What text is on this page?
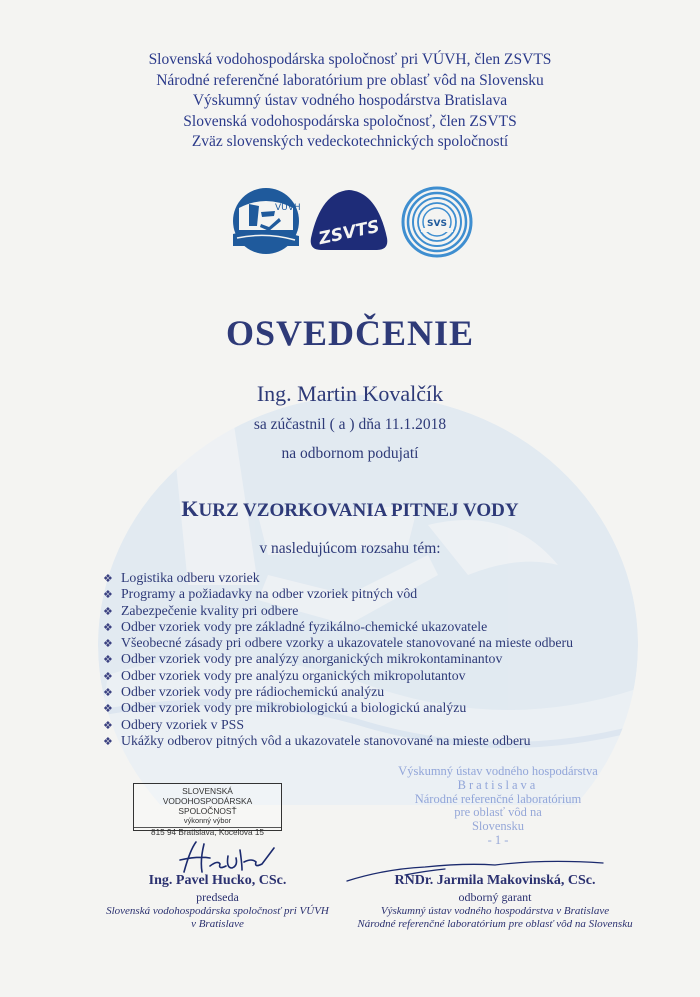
Slovenská vodohospodárska spoločnosť pri VÚVH, člen ZSVTS
Národné referenčné laboratórium pre oblasť vôd na Slovensku
Výskumný ústav vodného hospodárstva Bratislava
Slovenská vodohospodárska spoločnosť, člen ZSVTS
Zväz slovenských vedeckotechnických spoločností
VÚVH
ZSVTS	SVS
OSVEDČENIE
Ing. Martin Kovalčík
sa zúčastnil ( a ) dňa 11.1.2018
na odbornom podujatí
KURZ VZORKOVANIA PITNEJ VODY
v nasledujúcom rozsahu tém:
❖ Logistika odberu vzoriek
❖ Programy a požiadavky na odber vzoriek pitných vôd
❖ Zabezpečenie kvality pri odbere
❖ Odber vzoriek vody pre základné fyzikálno-chemické ukazovatele
❖ Všeobecné zásady pri odbere vzorky a ukazovatele stanovované na mieste odberu
❖ Odber vzoriek vody pre analýzy anorganických mikrokontaminantov
❖ Odber vzoriek vody pre analýzu organických mikropolutantov
❖ Odber vzoriek vody pre rádiochemickú analýzu
❖ Odber vzoriek vody pre mikrobiologickú a biologickú analýzu
❖ Odbery vzoriek v PSS
❖ Ukážky odberov pitných vôd a ukazovatele stanovované na mieste odberu
SLOVENSKÁ
VODOHOSPODÁRSKA SPOLOČNOSŤ
výkonný výbor
815 94 Bratislava, Kocelova 15
Výskumný ústav vodného hospodárstva
Bratislava
Národné referenčné laboratórium
pre oblasť vôd na
Slovensku
- 1 -
Ing. Pavel Hucko, CSc.
predseda
Slovenská vodohospodárska spoločnosť pri VÚVH
v Bratislave
RNDr. Jarmila Makovinská, CSc.
odborný garant
Výskumný ústav vodného hospodárstva v Bratislave
Národné referenčné laboratórium pre oblasť vôd na Slovensku
